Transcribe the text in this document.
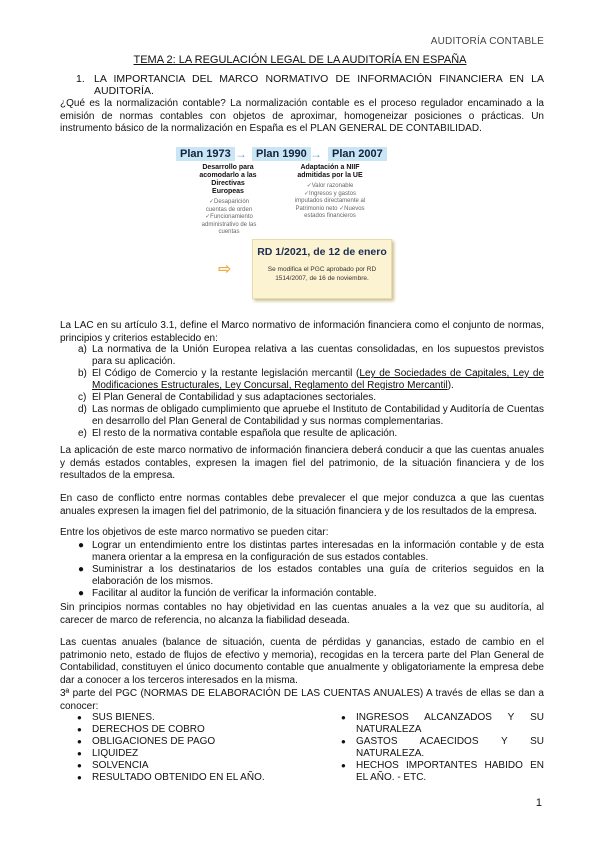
AUDITORÍA CONTABLE
TEMA 2: LA REGULACIÓN LEGAL DE LA AUDITORÍA EN ESPAÑA
1. LA IMPORTANCIA DEL MARCO NORMATIVO DE INFORMACIÓN FINANCIERA EN LA AUDITORÍA.
¿Qué es la normalización contable? La normalización contable es el proceso regulador encaminado a la emisión de normas contables con objetos de aproximar, homogeneizar posiciones o prácticas. Un instrumento básico de la normalización en España es el PLAN GENERAL DE CONTABILIDAD.
Plan 1973 → Plan 1990 → Plan 2007
Desarrollo para acomodarlo a las Directivas Europeas
✓Desaparición cuentas de orden ✓Funcionamiento administrativo de las cuentas
Adaptación a NIIF admitidas por la UE
✓Valor razonable ✓Ingresos y gastos imputados directamente al Patrimonio neto ✓Nuevos estados financieros
⇨
RD 1/2021, de 12 de enero
Se modifica el PGC aprobado por RD 1514/2007, de 16 de noviembre.
La LAC en su artículo 3.1, define el Marco normativo de información financiera como el conjunto de normas, principios y criterios establecido en:
a) La normativa de la Unión Europea relativa a las cuentas consolidadas, en los supuestos previstos para su aplicación.
b) El Código de Comercio y la restante legislación mercantil (Ley de Sociedades de Capitales, Ley de Modificaciones Estructurales, Ley Concursal, Reglamento del Registro Mercantil).
c) El Plan General de Contabilidad y sus adaptaciones sectoriales.
d) Las normas de obligado cumplimiento que apruebe el Instituto de Contabilidad y Auditoría de Cuentas en desarrollo del Plan General de Contabilidad y sus normas complementarias.
e) El resto de la normativa contable española que resulte de aplicación.
La aplicación de este marco normativo de información financiera deberá conducir a que las cuentas anuales y demás estados contables, expresen la imagen fiel del patrimonio, de la situación financiera y de los resultados de la empresa.
En caso de conflicto entre normas contables debe prevalecer el que mejor conduzca a que las cuentas anuales expresen la imagen fiel del patrimonio, de la situación financiera y de los resultados de la empresa.
Entre los objetivos de este marco normativo se pueden citar:
● Lograr un entendimiento entre los distintas partes interesadas en la información contable y de esta manera orientar a la empresa en la configuración de sus estados contables.
● Suministrar a los destinatarios de los estados contables una guía de criterios seguidos en la elaboración de los mismos.
● Facilitar al auditor la función de verificar la información contable.
Sin principios normas contables no hay objetividad en las cuentas anuales a la vez que su auditoría, al carecer de marco de referencia, no alcanza la fiabilidad deseada.
Las cuentas anuales (balance de situación, cuenta de pérdidas y ganancias, estado de cambio en el patrimonio neto, estado de flujos de efectivo y memoria), recogidas en la tercera parte del Plan General de Contabilidad, constituyen el único documento contable que anualmente y obligatoriamente la empresa debe dar a conocer a los terceros interesados en la misma.
3ª parte del PGC (NORMAS DE ELABORACIÓN DE LAS CUENTAS ANUALES) A través de ellas se dan a conocer:
● SUS BIENES.
● DERECHOS DE COBRO
● OBLIGACIONES DE PAGO
● LIQUIDEZ
● SOLVENCIA
● RESULTADO OBTENIDO EN EL AÑO.
● INGRESOS ALCANZADOS Y SU NATURALEZA
● GASTOS ACAECIDOS Y SU NATURALEZA.
● HECHOS IMPORTANTES HABIDO EN EL AÑO. - ETC.
1
